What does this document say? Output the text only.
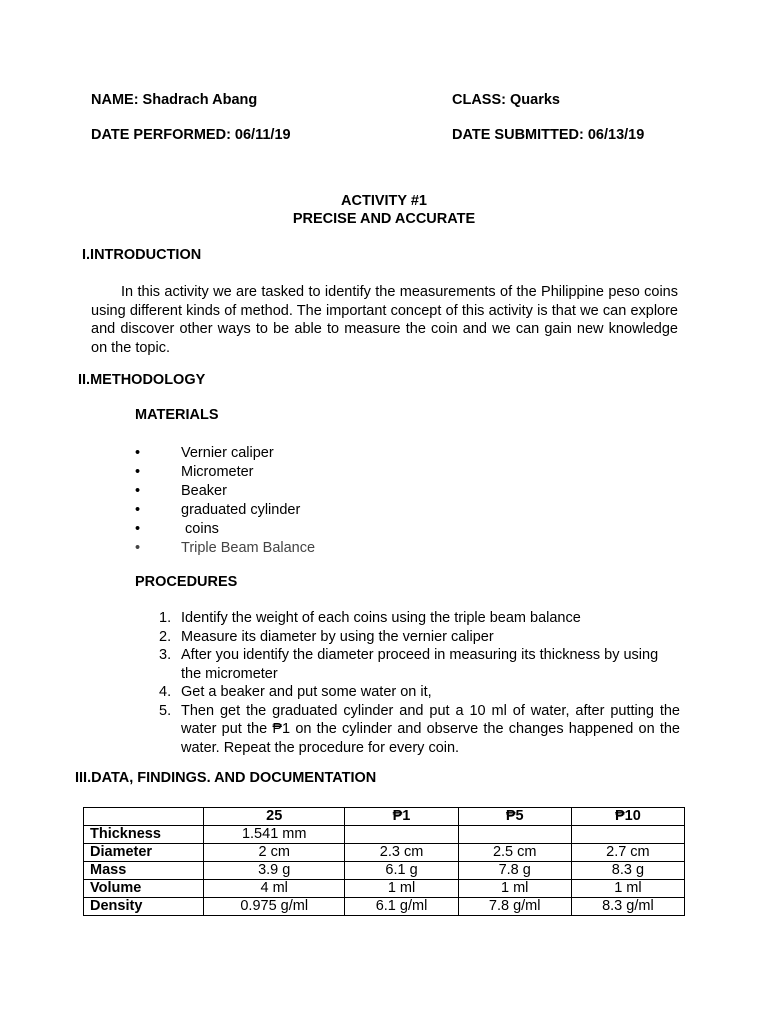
NAME: Shadrach Abang	CLASS: Quarks
DATE PERFORMED: 06/11/19	DATE SUBMITTED: 06/13/19
ACTIVITY #1
PRECISE AND ACCURATE
I.INTRODUCTION
In this activity we are tasked to identify the measurements of the Philippine peso coins using different kinds of method. The important concept of this activity is that we can explore and discover other ways to be able to measure the coin and we can gain new knowledge on the topic.
II.METHODOLOGY
MATERIALS
• Vernier caliper
• Micrometer
• Beaker
• graduated cylinder
•  coins
• Triple Beam Balance
PROCEDURES
1. Identify the weight of each coins using the triple beam balance
2. Measure its diameter by using the vernier caliper
3. After you identify the diameter proceed in measuring its thickness by using the micrometer
4. Get a beaker and put some water on it,
5. Then get the graduated cylinder and put a 10 ml of water, after putting the water put the ₱1 on the cylinder and observe the changes happened on the water. Repeat the procedure for every coin.
III.DATA, FINDINGS. AND DOCUMENTATION
	25	₱1	₱5	₱10
Thickness	1.541 mm			
Diameter	2 cm	2.3 cm	2.5 cm	2.7 cm
Mass	3.9 g	6.1 g	7.8 g	8.3 g
Volume	4 ml	1 ml	1 ml	1 ml
Density	0.975 g/ml	6.1 g/ml	7.8 g/ml	8.3 g/ml
